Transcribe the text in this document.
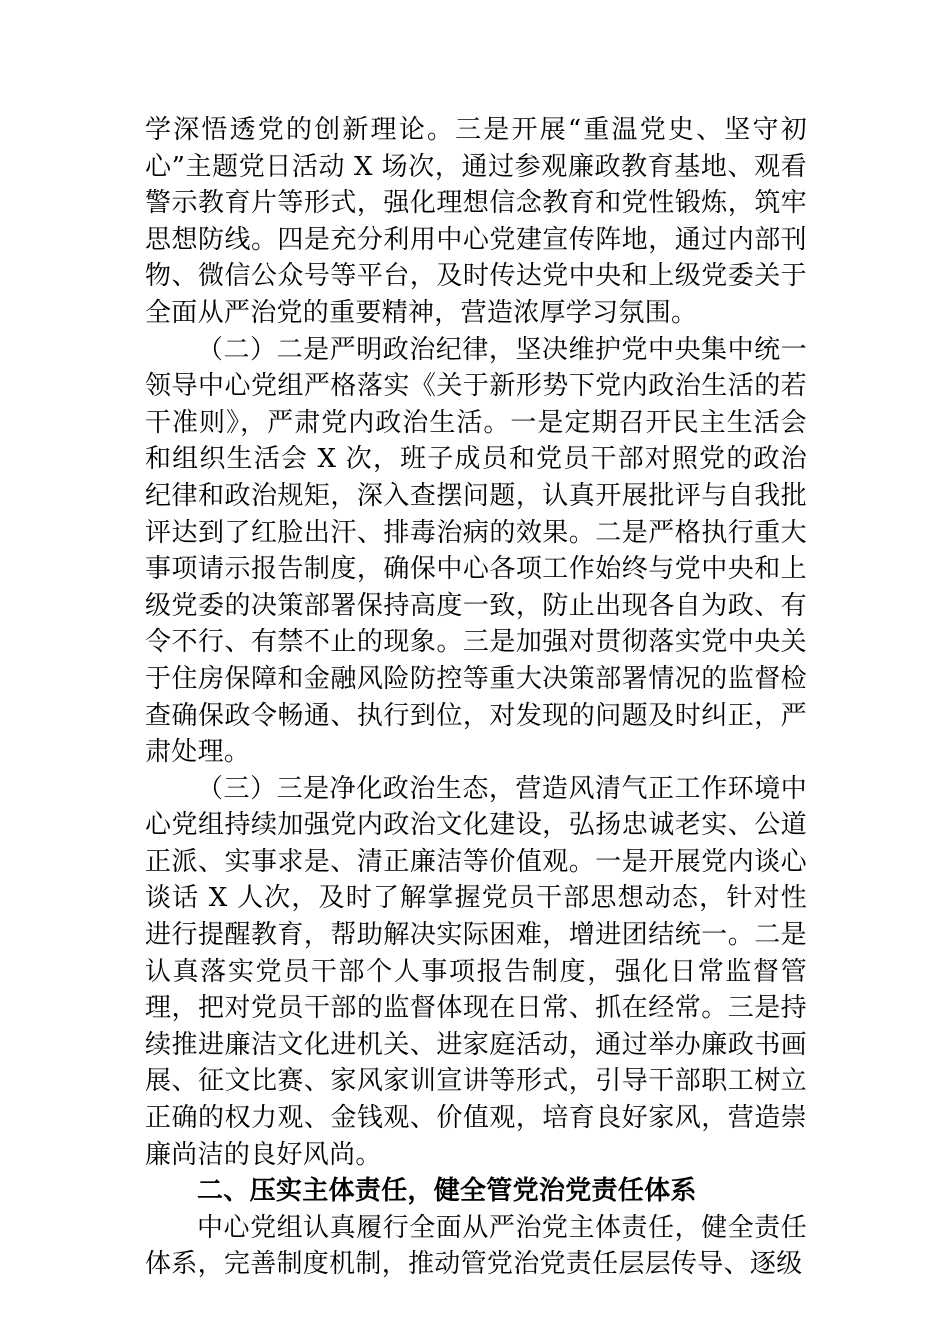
学深悟透党的创新理论。三是开展“重温党史、坚守初心”主题党日活动 X 场次，通过参观廉政教育基地、观看警示教育片等形式，强化理想信念教育和党性锻炼，筑牢思想防线。四是充分利用中心党建宣传阵地，通过内部刊物、微信公众号等平台，及时传达党中央和上级党委关于全面从严治党的重要精神，营造浓厚学习氛围。

（二）二是严明政治纪律，坚决维护党中央集中统一领导中心党组严格落实《关于新形势下党内政治生活的若干准则》，严肃党内政治生活。一是定期召开民主生活会和组织生活会 X 次，班子成员和党员干部对照党的政治纪律和政治规矩，深入查摆问题，认真开展批评与自我批评达到了红脸出汗、排毒治病的效果。二是严格执行重大事项请示报告制度，确保中心各项工作始终与党中央和上级党委的决策部署保持高度一致，防止出现各自为政、有令不行、有禁不止的现象。三是加强对贯彻落实党中央关于住房保障和金融风险防控等重大决策部署情况的监督检查确保政令畅通、执行到位，对发现的问题及时纠正，严肃处理。

（三）三是净化政治生态，营造风清气正工作环境中心党组持续加强党内政治文化建设，弘扬忠诚老实、公道正派、实事求是、清正廉洁等价值观。一是开展党内谈心谈话 X 人次，及时了解掌握党员干部思想动态，针对性进行提醒教育，帮助解决实际困难，增进团结统一。二是认真落实党员干部个人事项报告制度，强化日常监督管理，把对党员干部的监督体现在日常、抓在经常。三是持续推进廉洁文化进机关、进家庭活动，通过举办廉政书画展、征文比赛、家风家训宣讲等形式，引导干部职工树立正确的权力观、金钱观、价值观，培育良好家风，营造崇廉尚洁的良好风尚。

二、压实主体责任，健全管党治党责任体系

中心党组认真履行全面从严治党主体责任，健全责任体系，完善制度机制，推动管党治党责任层层传导、逐级
